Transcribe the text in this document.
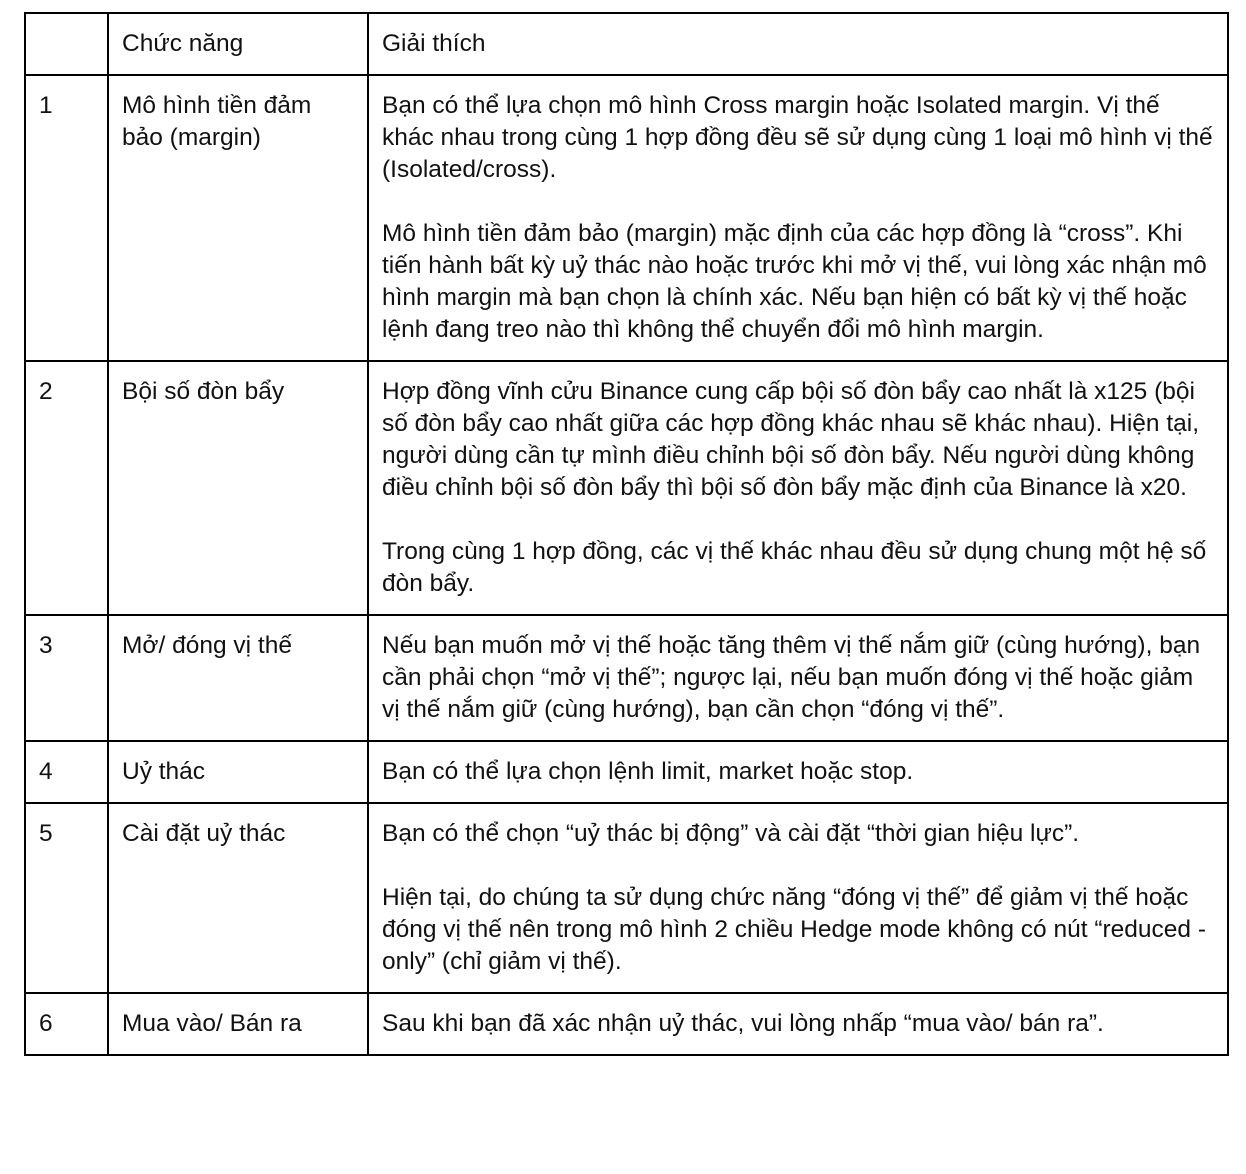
	Chức năng	Giải thích
1	Mô hình tiền đảm bảo (margin)	Bạn có thể lựa chọn mô hình Cross margin hoặc Isolated margin. Vị thế khác nhau trong cùng 1 hợp đồng đều sẽ sử dụng cùng 1 loại mô hình vị thế (Isolated/cross).

Mô hình tiền đảm bảo (margin) mặc định của các hợp đồng là “cross”. Khi tiến hành bất kỳ uỷ thác nào hoặc trước khi mở vị thế, vui lòng xác nhận mô hình margin mà bạn chọn là chính xác. Nếu bạn hiện có bất kỳ vị thế hoặc lệnh đang treo nào thì không thể chuyển đổi mô hình margin.

2	Bội số đòn bẩy	Hợp đồng vĩnh cửu Binance cung cấp bội số đòn bẩy cao nhất là x125 (bội số đòn bẩy cao nhất giữa các hợp đồng khác nhau sẽ khác nhau). Hiện tại, người dùng cần tự mình điều chỉnh bội số đòn bẩy. Nếu người dùng không điều chỉnh bội số đòn bẩy thì bội số đòn bẩy mặc định của Binance là x20.

Trong cùng 1 hợp đồng, các vị thế khác nhau đều sử dụng chung một hệ số đòn bẩy.

3	Mở/ đóng vị thế	Nếu bạn muốn mở vị thế hoặc tăng thêm vị thế nắm giữ (cùng hướng), bạn cần phải chọn “mở vị thế”; ngược lại, nếu bạn muốn đóng vị thế hoặc giảm vị thế nắm giữ (cùng hướng), bạn cần chọn “đóng vị thế”.

4	Uỷ thác	Bạn có thể lựa chọn lệnh limit, market hoặc stop.

5	Cài đặt uỷ thác	Bạn có thể chọn “uỷ thác bị động” và cài đặt “thời gian hiệu lực”.

Hiện tại, do chúng ta sử dụng chức năng “đóng vị thế” để giảm vị thế hoặc đóng vị thế nên trong mô hình 2 chiều Hedge mode không có nút “reduced -only” (chỉ giảm vị thế).

6	Mua vào/ Bán ra	Sau khi bạn đã xác nhận uỷ thác, vui lòng nhấp “mua vào/ bán ra”.
